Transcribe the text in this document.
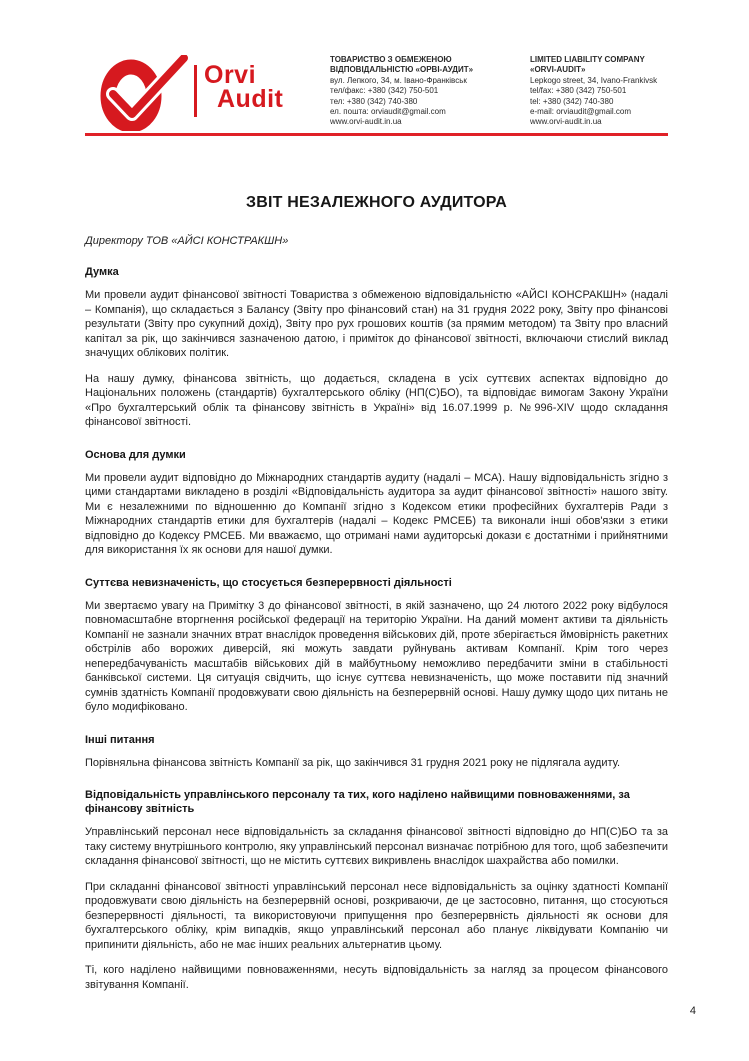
Orvi
Audit
ТОВАРИСТВО З ОБМЕЖЕНОЮ
ВІДПОВІДАЛЬНІСТЮ «ОРВІ-АУДИТ»
вул. Лепкого, 34, м. Івано-Франківськ
тел/факс: +380 (342) 750-501
тел: +380 (342) 740-380
ел. пошта: orviaudit@gmail.com
www.orvi-audit.in.ua
LIMITED LIABILITY COMPANY
«ORVI-AUDIT»
Lepkogo street, 34, Ivano-Frankivsk
tel/fax: +380 (342) 750-501
tel: +380 (342) 740-380
e-mail: orviaudit@gmail.com
www.orvi-audit.in.ua
ЗВІТ НЕЗАЛЕЖНОГО АУДИТОРА
Директору ТОВ «АЙСІ КОНСТРАКШН»
Думка

Ми провели аудит фінансової звітності Товариства з обмеженою відповідальністю «АЙСІ КОНСРАКШН» (надалі – Компанія), що складається з Балансу (Звіту про фінансовий стан) на 31 грудня 2022 року, Звіту про фінансові результати (Звіту про сукупний дохід), Звіту про рух грошових коштів (за прямим методом) та Звіту про власний капітал за рік, що закінчився зазначеною датою, і приміток до фінансової звітності, включаючи стислий виклад значущих облікових політик.

На нашу думку, фінансова звітність, що додається, складена в усіх суттєвих аспектах відповідно до Національних положень (стандартів) бухгалтерського обліку (НП(С)БО), та відповідає вимогам Закону України «Про бухгалтерський облік та фінансову звітність в Україні» від 16.07.1999 р. №996-XIV щодо складання фінансової звітності.

Основа для думки

Ми провели аудит відповідно до Міжнародних стандартів аудиту (надалі – МСА). Нашу відповідальність згідно з цими стандартами викладено в розділі «Відповідальність аудитора за аудит фінансової звітності» нашого звіту. Ми є незалежними по відношенню до Компанії згідно з Кодексом етики професійних бухгалтерів Ради з Міжнародних стандартів етики для бухгалтерів (надалі – Кодекс РМСЕБ) та виконали інші обов'язки з етики відповідно до Кодексу РМСЕБ. Ми вважаємо, що отримані нами аудиторські докази є достатніми і прийнятними для використання їх як основи для нашої думки.

Суттєва невизначеність, що стосується безперервності діяльності

Ми звертаємо увагу на Примітку 3 до фінансової звітності, в якій зазначено, що 24 лютого 2022 року відбулося повномасштабне вторгнення російської федерації на територію України. На даний момент активи та діяльність Компанії не зазнали значних втрат внаслідок проведення військових дій, проте зберігається ймовірність ракетних обстрілів або ворожих диверсій, які можуть завдати руйнувань активам Компанії. Крім того через непередбачуваність масштабів військових дій в майбутньому неможливо передбачити зміни в стабільності банківської системи. Ця ситуація свідчить, що існує суттєва невизначеність, що може поставити під значний сумнів здатність Компанії продовжувати свою діяльність на безперервній основі. Нашу думку щодо цих питань не було модифіковано.

Інші питання

Порівняльна фінансова звітність Компанії за рік, що закінчився 31 грудня 2021 року не підлягала аудиту.

Відповідальність управлінського персоналу та тих, кого наділено найвищими повноваженнями, за фінансову звітність

Управлінський персонал несе відповідальність за складання фінансової звітності відповідно до НП(С)БО та за таку систему внутрішнього контролю, яку управлінський персонал визначає потрібною для того, щоб забезпечити складання фінансової звітності, що не містить суттєвих викривлень внаслідок шахрайства або помилки.

При складанні фінансової звітності управлінський персонал несе відповідальність за оцінку здатності Компанії продовжувати свою діяльність на безперервній основі, розкриваючи, де це застосовно, питання, що стосуються безперервності діяльності, та використовуючи припущення про безперервність діяльності як основи для бухгалтерського обліку, крім випадків, якщо управлінський персонал або планує ліквідувати Компанію чи припинити діяльність, або не має інших реальних альтернатив цьому.

Ті, кого наділено найвищими повноваженнями, несуть відповідальність за нагляд за процесом фінансового звітування Компанії.

4
